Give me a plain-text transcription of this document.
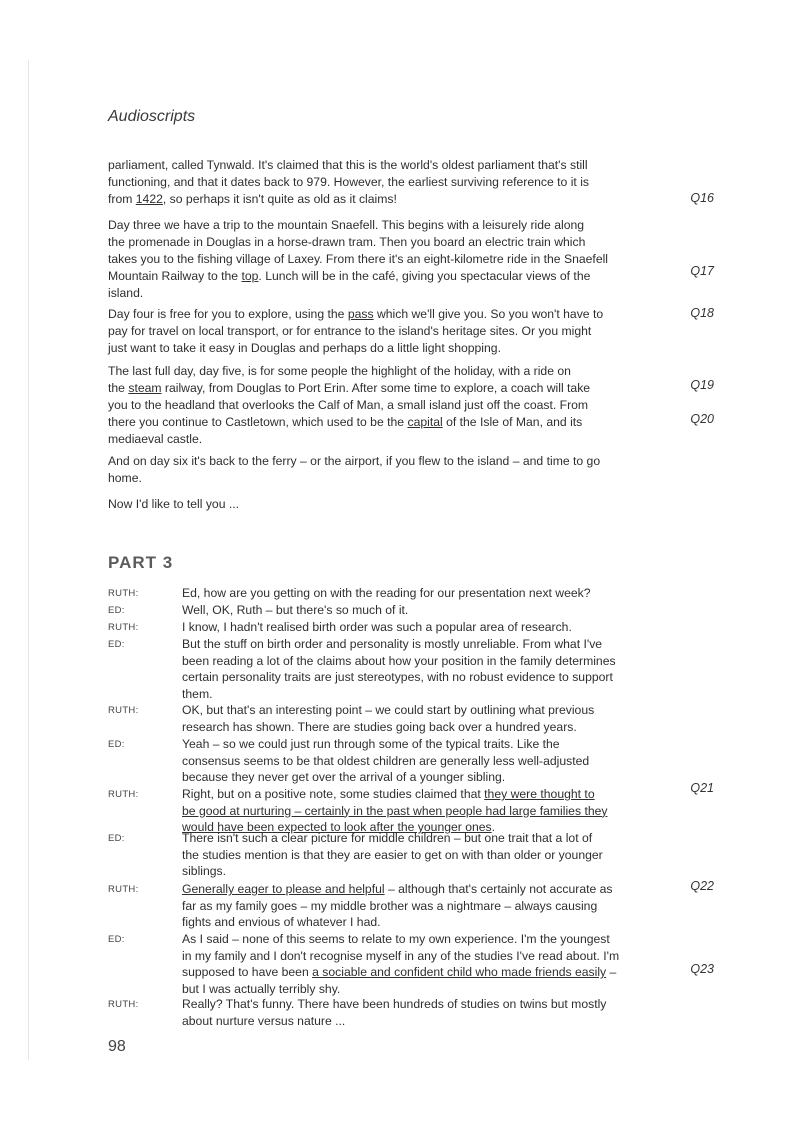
Audioscripts
parliament, called Tynwald. It's claimed that this is the world's oldest parliament that's still
functioning, and that it dates back to 979. However, the earliest surviving reference to it is
from 1422, so perhaps it isn't quite as old as it claims!	Q16
Day three we have a trip to the mountain Snaefell. This begins with a leisurely ride along
the promenade in Douglas in a horse-drawn tram. Then you board an electric train which
takes you to the fishing village of Laxey. From there it's an eight-kilometre ride in the Snaefell
Mountain Railway to the top. Lunch will be in the café, giving you spectacular views of the
island.
Q17
Day four is free for you to explore, using the pass which we'll give you. So you won't have to
pay for travel on local transport, or for entrance to the island's heritage sites. Or you might
just want to take it easy in Douglas and perhaps do a little light shopping.
Q18
The last full day, day five, is for some people the highlight of the holiday, with a ride on
the steam railway, from Douglas to Port Erin. After some time to explore, a coach will take
you to the headland that overlooks the Calf of Man, a small island just off the coast. From
there you continue to Castletown, which used to be the capital of the Isle of Man, and its
mediaeval castle.
Q19
Q20
And on day six it's back to the ferry – or the airport, if you flew to the island – and time to go
home.
Now I'd like to tell you ...
PART 3
RUTH:	Ed, how are you getting on with the reading for our presentation next week?
ED:	Well, OK, Ruth – but there's so much of it.
RUTH:	I know, I hadn't realised birth order was such a popular area of research.
ED:	But the stuff on birth order and personality is mostly unreliable. From what I've
been reading a lot of the claims about how your position in the family determines
certain personality traits are just stereotypes, with no robust evidence to support
them.
RUTH:	OK, but that's an interesting point – we could start by outlining what previous
research has shown. There are studies going back over a hundred years.
ED:	Yeah – so we could just run through some of the typical traits. Like the
consensus seems to be that oldest children are generally less well-adjusted
because they never get over the arrival of a younger sibling.
RUTH:	Right, but on a positive note, some studies claimed that they were thought to
be good at nurturing – certainly in the past when people had large families they
would have been expected to look after the younger ones.
Q21
ED:	There isn't such a clear picture for middle children – but one trait that a lot of
the studies mention is that they are easier to get on with than older or younger
siblings.
RUTH:	Generally eager to please and helpful – although that's certainly not accurate as
far as my family goes – my middle brother was a nightmare – always causing
fights and envious of whatever I had.
Q22
ED:	As I said – none of this seems to relate to my own experience. I'm the youngest
in my family and I don't recognise myself in any of the studies I've read about. I'm
supposed to have been a sociable and confident child who made friends easily –
but I was actually terribly shy.
Q23
RUTH:	Really? That's funny. There have been hundreds of studies on twins but mostly
about nurture versus nature ...
98
